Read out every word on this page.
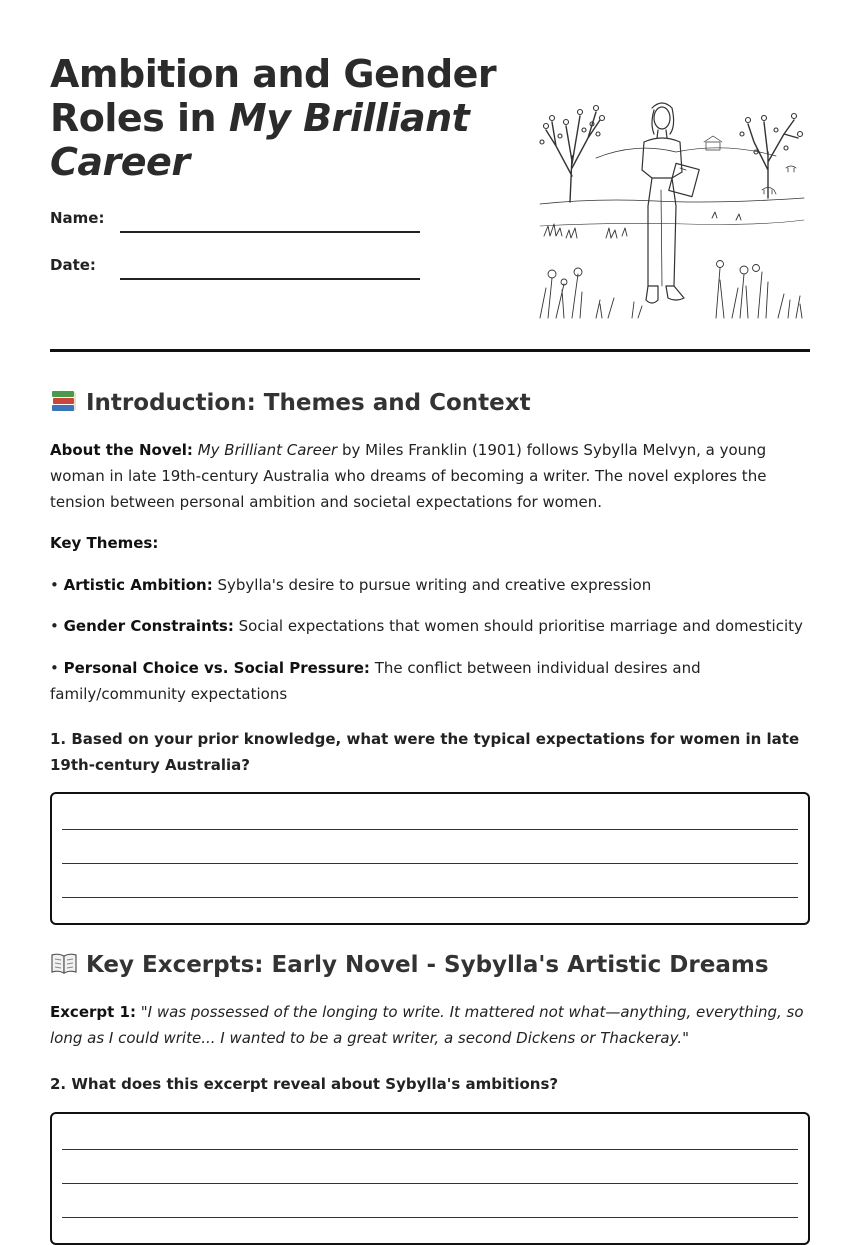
Ambition and Gender Roles in My Brilliant Career
Name:
Date:
Introduction: Themes and Context

About the Novel: My Brilliant Career by Miles Franklin (1901) follows Sybylla Melvyn, a young woman in late 19th-century Australia who dreams of becoming a writer. The novel explores the tension between personal ambition and societal expectations for women.

Key Themes:

• Artistic Ambition: Sybylla's desire to pursue writing and creative expression

• Gender Constraints: Social expectations that women should prioritise marriage and domesticity

• Personal Choice vs. Social Pressure: The conflict between individual desires and family/community expectations

1. Based on your prior knowledge, what were the typical expectations for women in late 19th-century Australia?

Key Excerpts: Early Novel - Sybylla's Artistic Dreams

Excerpt 1: "I was possessed of the longing to write. It mattered not what—anything, everything, so long as I could write... I wanted to be a great writer, a second Dickens or Thackeray."

2. What does this excerpt reveal about Sybylla's ambitions?
